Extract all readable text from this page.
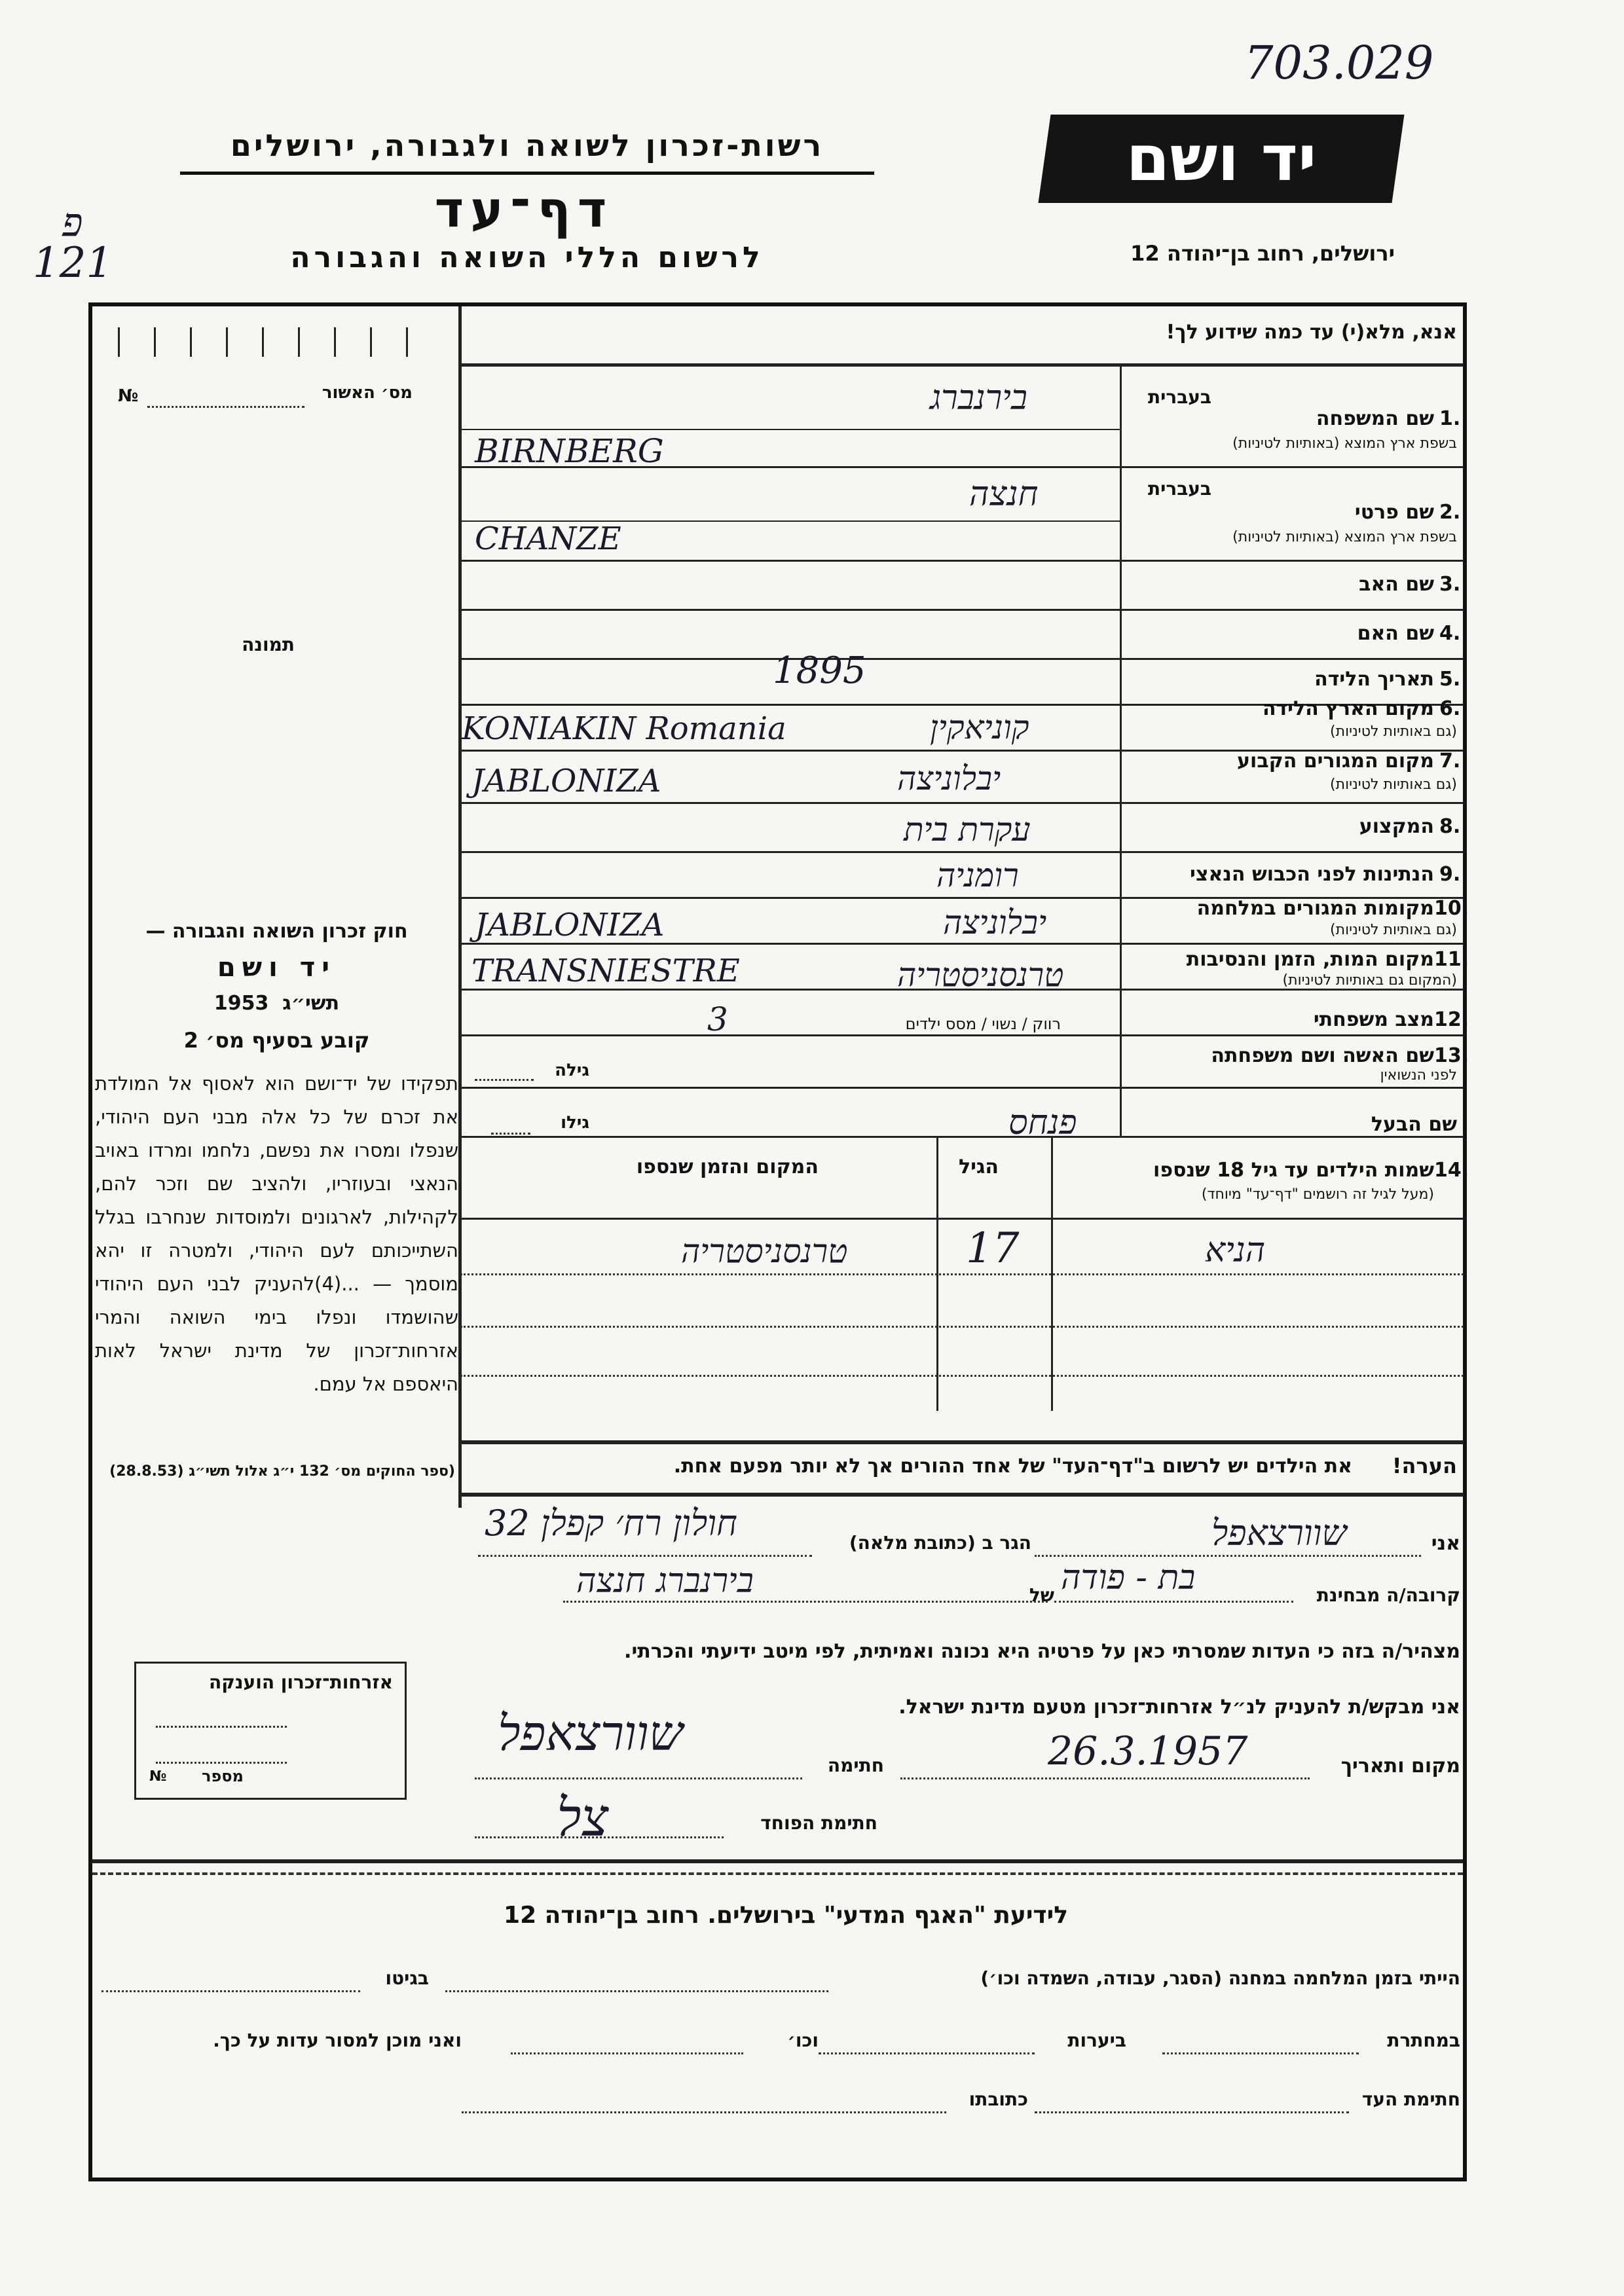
703.029
פ
121
רשות-זכרון לשואה ולגבורה, ירושלים
דף־עד
לרשום הללי השואה והגבורה
יד ושם
ירושלים, רחוב בן־יהודה 12
אנא, מלא(י) עד כמה שידוע לך!
№	מס׳ האשור
תמונה
1.
שם המשפחה
בשפת ארץ המוצא (באותיות לטיניות)
בעברית
בירנברג
BIRNBERG
2.
שם פרטי
בשפת ארץ המוצא (באותיות לטיניות)
בעברית
חנצה
CHANZE
3.
שם האב
4.
שם האם
5.
תאריך הלידה
1895
6.
מקום הארץ הלידה
(גם באותיות לטיניות)
קוניאקין
KONIAKIN Romania
7.
מקום המגורים הקבוע
(גם באותיות לטיניות)
יבלוניצה
JABLONIZA
8.
המקצוע
עקרת בית
9.
הנתינות לפני הכבוש הנאצי
רומניה
10.
מקומות המגורים במלחמה
(גם באותיות לטיניות)
יבלוניצה
JABLONIZA
11.
מקום המות, הזמן והנסיבות
(המקום גם באותיות לטיניות)
טרנסניסטריה
TRANSNIESTRE
12.
מצב משפחתי
רווק / נשוי / מסס ילדים
3
13.
שם האשה ושם משפחתה
לפני הנשואין
גילה
שם הבעל
פנחס
גילו
14.
שמות הילדים עד גיל 18 שנספו
(מעל לגיל זה רושמים "דף־עד" מיוחד)
הגיל
המקום והזמן שנספו
הניא
17
טרנסניסטריה
הערה!
את הילדים יש לרשום ב"דף־העד" של אחד ההורים אך לא יותר מפעם אחת.
חוק זכרון השואה והגבורה —
יד ושם
תשי״ג  1953
קובע בסעיף מס׳ 2
תפקידו של יד־ושם הוא לאסוף אל המולדת את זכרם של כל אלה מבני העם היהודי, שנפלו ומסרו את נפשם, נלחמו ומרדו באויב הנאצי ובעוזריו, ולהציב שם וזכר להם, לקהילות, לארגונים ולמוסדות שנחרבו בגלל השתייכותם לעם היהודי, ולמטרה זו יהא מוסמך — ...(4)להעניק לבני העם היהודי שהושמדו ונפלו בימי השואה והמרי אזרחות־זכרון של מדינת ישראל לאות היאספם אל עמם.
(ספר החוקים מס׳ 132 י״ג אלול תשי״ג (28.8.53)
אני
שוורצאפל
הגר ב (כתובת מלאה)
חולון רח׳ קפלן 32
קרובה/ה מבחינת
בת - פודה
של
בירנברג חנצה
מצהיר/ה בזה כי העדות שמסרתי כאן על פרטיה היא נכונה ואמיתית, לפי מיטב ידיעתי והכרתי.
אני מבקש/ת להעניק לנ״ל אזרחות־זכרון מטעם מדינת ישראל.
מקום ותאריך
26.3.1957
חתימה
שוורצאפל
חתימת הפוחד
צל
אזרחות־זכרון הוענקה
№ מספר
לידיעת "האגף המדעי" בירושלים. רחוב בן־יהודה 12
הייתי בזמן המלחמה במחנה (הסגר, עבודה, השמדה וכו׳)
בגיטו
במחתרת
ביערות
וכו׳
ואני מוכן למסור עדות על כך.
חתימת העד
כתובתו
